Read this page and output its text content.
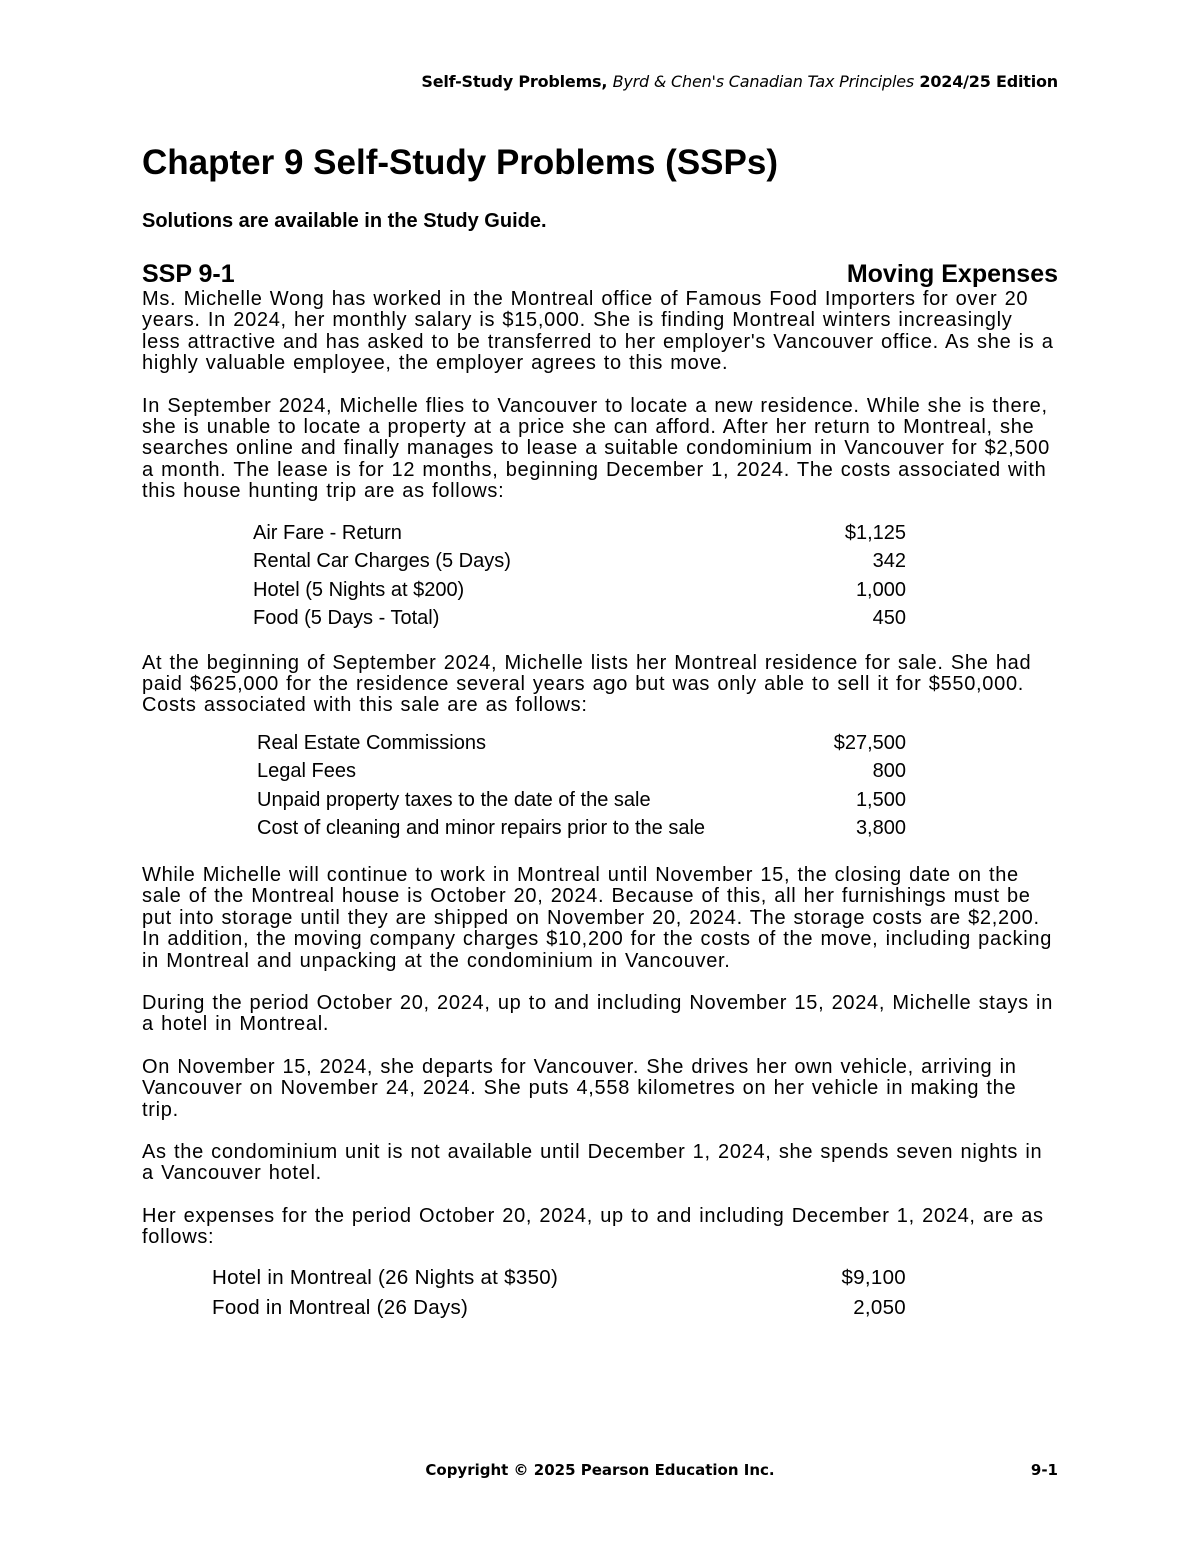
Self-Study Problems, Byrd & Chen's Canadian Tax Principles 2024/25 Edition
Chapter 9 Self-Study Problems (SSPs)

Solutions are available in the Study Guide.

SSP 9-1	Moving Expenses

Ms. Michelle Wong has worked in the Montreal office of Famous Food Importers for over 20 years. In 2024, her monthly salary is $15,000. She is finding Montreal winters increasingly less attractive and has asked to be transferred to her employer's Vancouver office. As she is a highly valuable employee, the employer agrees to this move.

In September 2024, Michelle flies to Vancouver to locate a new residence. While she is there, she is unable to locate a property at a price she can afford. After her return to Montreal, she searches online and finally manages to lease a suitable condominium in Vancouver for $2,500 a month. The lease is for 12 months, beginning December 1, 2024. The costs associated with this house hunting trip are as follows:

Air Fare - Return	$1,125
Rental Car Charges (5 Days)	342
Hotel (5 Nights at $200)	1,000
Food (5 Days - Total)	450

At the beginning of September 2024, Michelle lists her Montreal residence for sale. She had paid $625,000 for the residence several years ago but was only able to sell it for $550,000. Costs associated with this sale are as follows:

Real Estate Commissions	$27,500
Legal Fees	800
Unpaid property taxes to the date of the sale	1,500
Cost of cleaning and minor repairs prior to the sale	3,800

While Michelle will continue to work in Montreal until November 15, the closing date on the sale of the Montreal house is October 20, 2024. Because of this, all her furnishings must be put into storage until they are shipped on November 20, 2024. The storage costs are $2,200. In addition, the moving company charges $10,200 for the costs of the move, including packing in Montreal and unpacking at the condominium in Vancouver.

During the period October 20, 2024, up to and including November 15, 2024, Michelle stays in a hotel in Montreal.

On November 15, 2024, she departs for Vancouver. She drives her own vehicle, arriving in Vancouver on November 24, 2024. She puts 4,558 kilometres on her vehicle in making the trip.

As the condominium unit is not available until December 1, 2024, she spends seven nights in a Vancouver hotel.

Her expenses for the period October 20, 2024, up to and including December 1, 2024, are as follows:

Hotel in Montreal (26 Nights at $350)	$9,100
Food in Montreal (26 Days)	2,050
Copyright © 2025 Pearson Education Inc.	9-1
